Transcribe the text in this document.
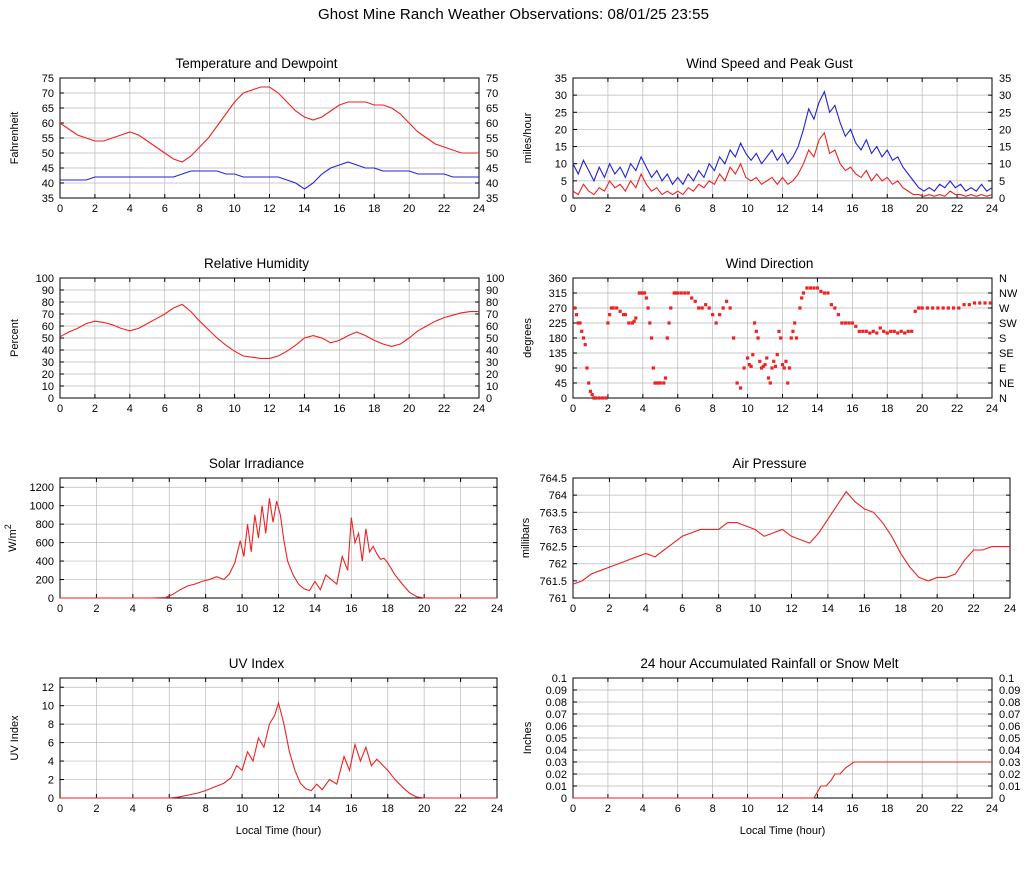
Ghost Mine Ranch Weather Observations: 08/01/25 23:55
Temperature and Dewpoint
0	2	4	6	8 10 12 14 16 18 20 22 24
35
40
45
50
55
60
65
70
75
35
40
45
50
55
60
65
70
75
Fahrenheit
Wind Speed and Peak Gust
0	2	4	6	8 10 12 14 16 18 20 22 24
0
5
10
15
20
25
30
35
0
5
10
15
20
25
30
35
miles/hour
Relative Humidity
0	2	4	6	8 10 12 14 16 18 20 22 24
0
10
20
30
40
50
60
70
80
90
100
0
10
20
30
40
50
60
70
80
90
100
Percent
Wind Direction
0	2	4	6	8 10 12 14 16 18 20 22 24
0
45
90
135
180
225
270
315
360
N
NE
E
SE
S
SW
W
NW
N
degrees
Solar Irradiance
0	2	4	6	8 10 12 14 16 18 20 22 24
0
200
400
600
800
1000
1200
$W/m^2$
Air Pressure
0	2	4	6	8 10 12 14 16 18 20 22 24
761
761.5
762
762.5
763
763.5
764
764.5
millibars
UV Index
0	2	4	6	8 10 12 14 16 18 20 22 24
0
2
4
6
8
10
12
UV Index
Local Time (hour)
24 hour Accumulated Rainfall or Snow Melt
0	2	4	6	8 10 12 14 16 18 20 22 24
0
0.01
0.02
0.03
0.04
0.05
0.06
0.07
0.08
0.09
0.1
0
0.01
0.02
0.03
0.04
0.05
0.06
0.07
0.08
0.09
0.1
Inches
Local Time (hour)
